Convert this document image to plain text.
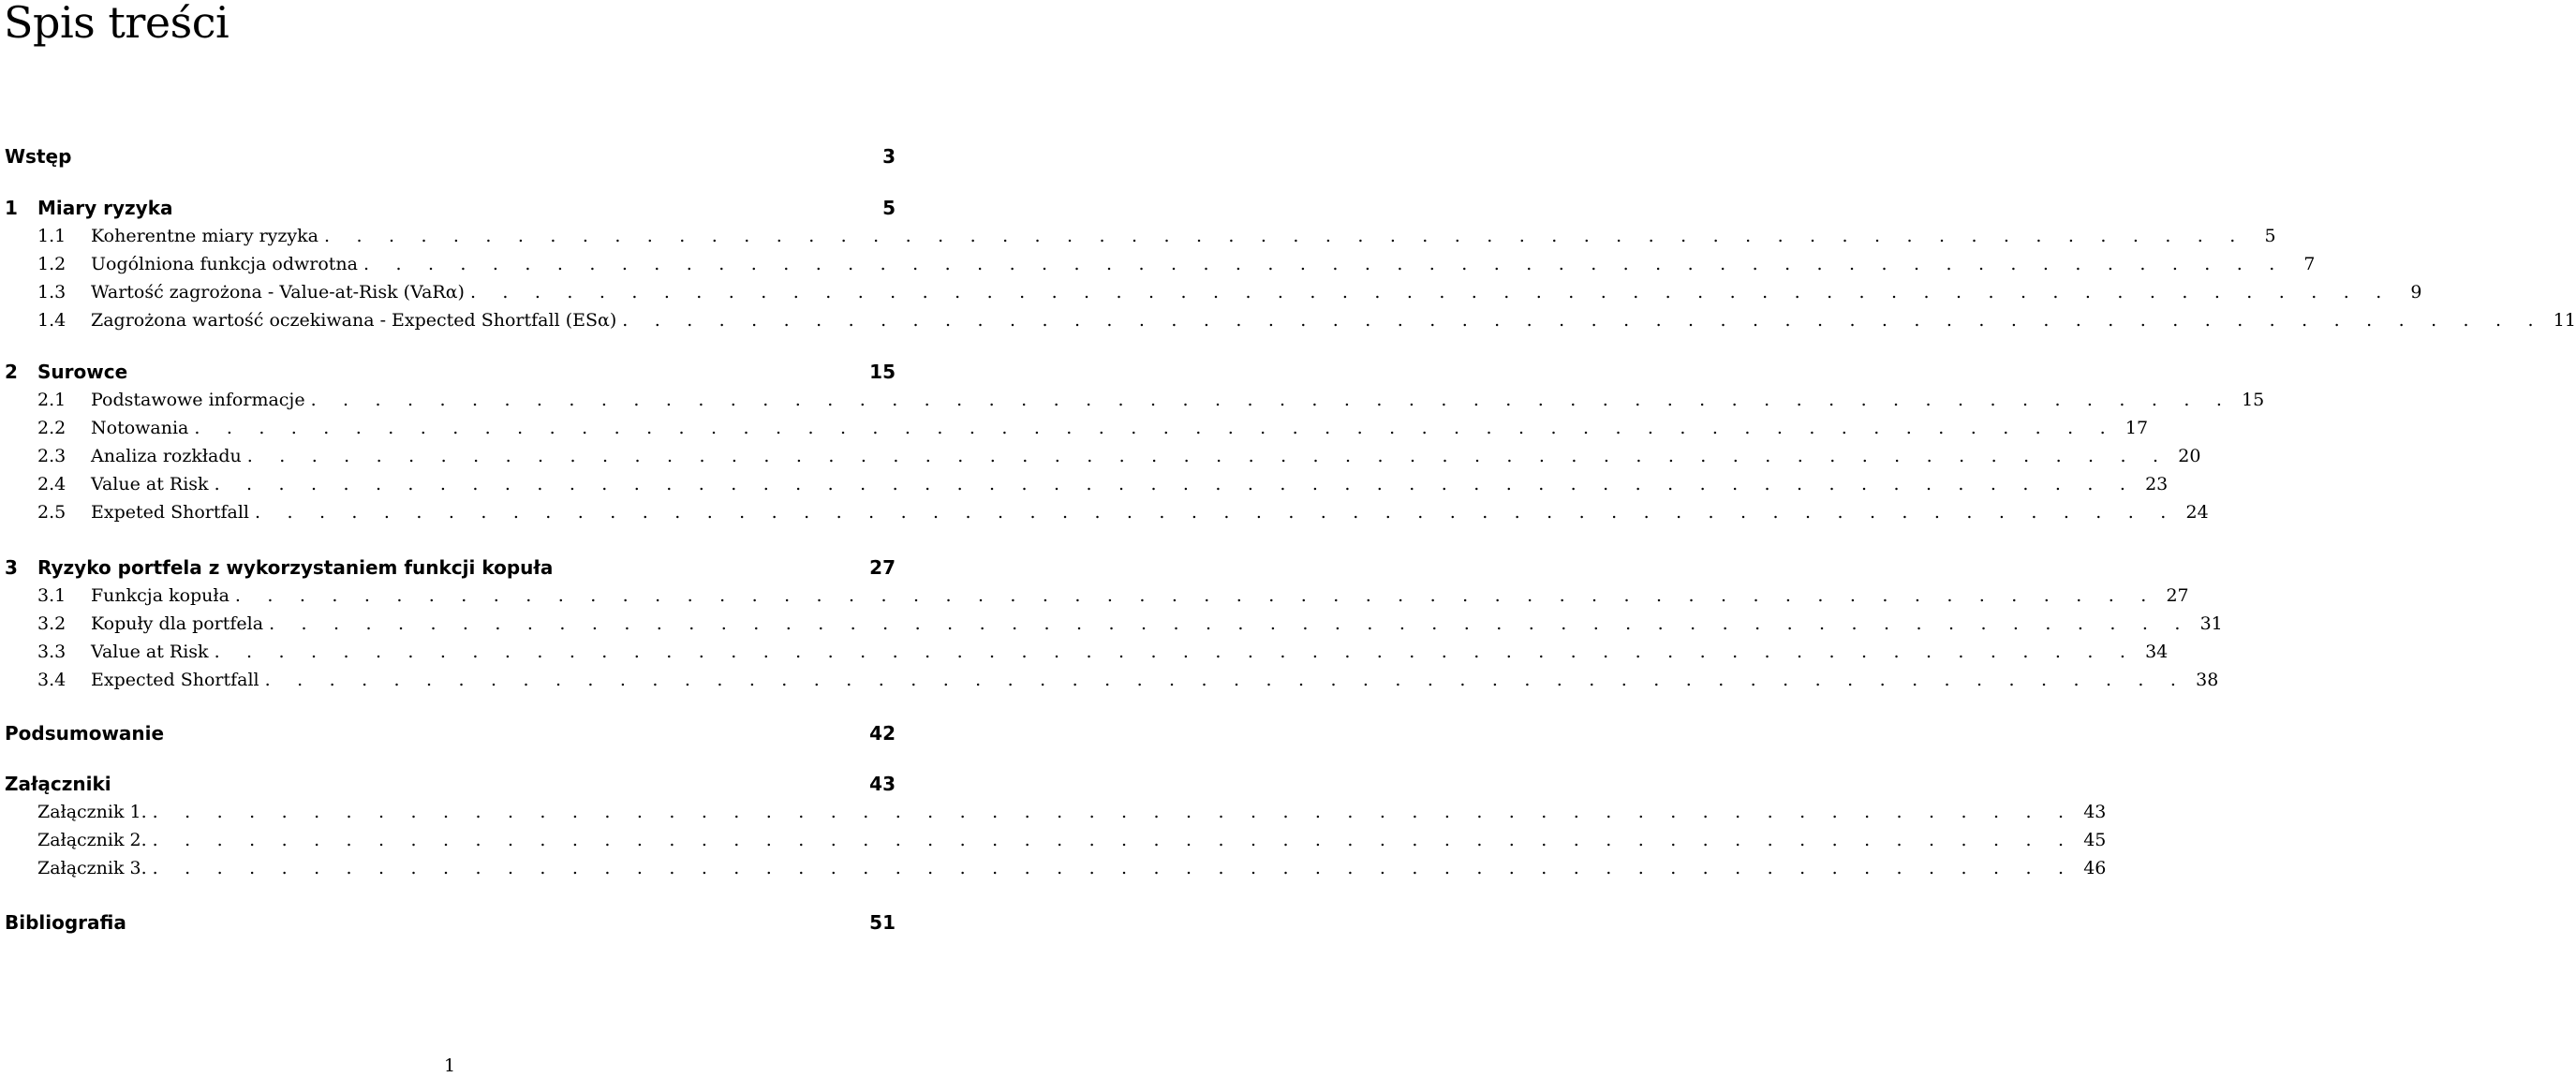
Spis treści
Wstęp	3
1	Miary ryzyka	5
1.1	Koherentne miary ryzyka . . . . . . . . . . . . . . . . . . . . . . . . . . . . . . . . . . . . . . . . . . . . . . . . . . . . . . . . . . . .	5
1.2	Uogólniona funkcja odwrotna . . . . . . . . . . . . . . . . . . . . . . . . . . . . . . . . . . . . . . . . . . . . . . . . . . . . . . . . . . . .	7
1.3	Wartość zagrożona - Value-at-Risk (VaRα) . . . . . . . . . . . . . . . . . . . . . . . . . . . . . . . . . . . . . . . . . . . . . . . . . . . . . . . . . . . .	9
1.4	Zagrożona wartość oczekiwana - Expected Shortfall (ESα) . . . . . . . . . . . . . . . . . . . . . . . . . . . . . . . . . . . . . . . . . . . . . . . . . . . . . . . . . . . . 11
2	Surowce	15
2.1	Podstawowe informacje . . . . . . . . . . . . . . . . . . . . . . . . . . . . . . . . . . . . . . . . . . . . . . . . . . . . . . . . . . . . 15
2.2	Notowania . . . . . . . . . . . . . . . . . . . . . . . . . . . . . . . . . . . . . . . . . . . . . . . . . . . . . . . . . . . . 17
2.3	Analiza rozkładu . . . . . . . . . . . . . . . . . . . . . . . . . . . . . . . . . . . . . . . . . . . . . . . . . . . . . . . . . . . . 20
2.4	Value at Risk . . . . . . . . . . . . . . . . . . . . . . . . . . . . . . . . . . . . . . . . . . . . . . . . . . . . . . . . . . . . 23
2.5	Expeted Shortfall . . . . . . . . . . . . . . . . . . . . . . . . . . . . . . . . . . . . . . . . . . . . . . . . . . . . . . . . . . . . 24
3	Ryzyko portfela z wykorzystaniem funkcji kopuła	27
3.1	Funkcja kopuła . . . . . . . . . . . . . . . . . . . . . . . . . . . . . . . . . . . . . . . . . . . . . . . . . . . . . . . . . . . . 27
3.2	Kopuły dla portfela . . . . . . . . . . . . . . . . . . . . . . . . . . . . . . . . . . . . . . . . . . . . . . . . . . . . . . . . . . . . 31
3.3	Value at Risk . . . . . . . . . . . . . . . . . . . . . . . . . . . . . . . . . . . . . . . . . . . . . . . . . . . . . . . . . . . . 34
3.4	Expected Shortfall . . . . . . . . . . . . . . . . . . . . . . . . . . . . . . . . . . . . . . . . . . . . . . . . . . . . . . . . . . . . 38
Podsumowanie	42
Załączniki	43
Załącznik 1. . . . . . . . . . . . . . . . . . . . . . . . . . . . . . . . . . . . . . . . . . . . . . . . . . . . . . . . . . . . . 43
Załącznik 2. . . . . . . . . . . . . . . . . . . . . . . . . . . . . . . . . . . . . . . . . . . . . . . . . . . . . . . . . . . . . 45
Załącznik 3. . . . . . . . . . . . . . . . . . . . . . . . . . . . . . . . . . . . . . . . . . . . . . . . . . . . . . . . . . . . . 46
Bibliografia	51
1
